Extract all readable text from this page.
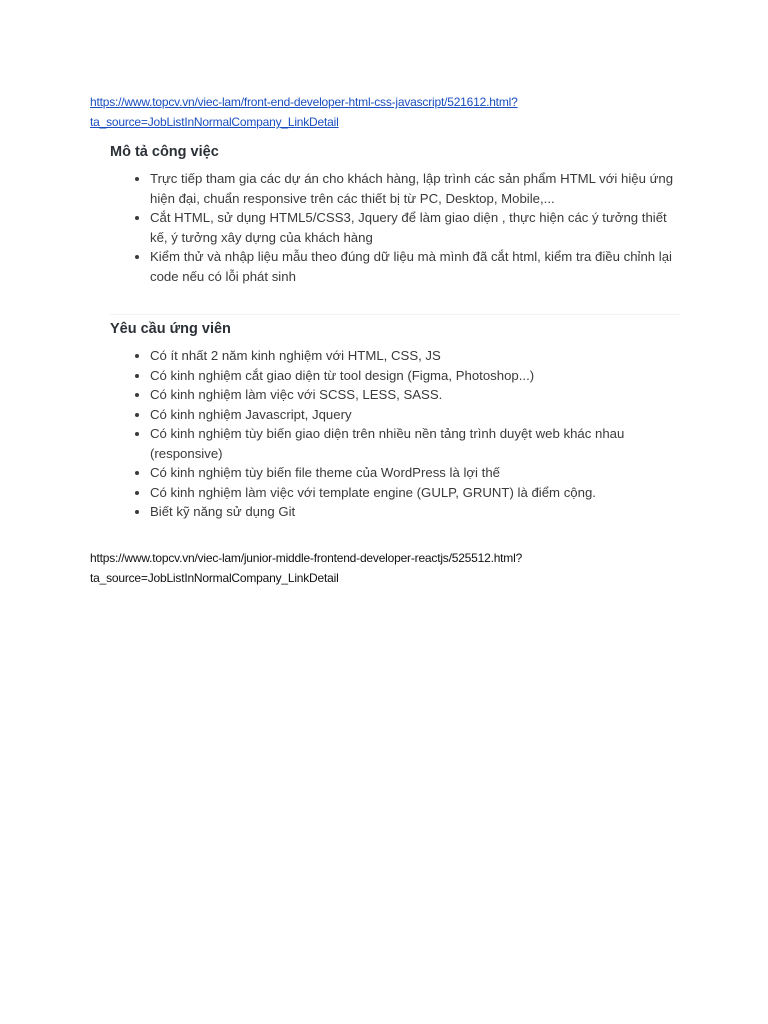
https://www.topcv.vn/viec-lam/front-end-developer-html-css-javascript/521612.html?
ta_source=JobListInNormalCompany_LinkDetail
Mô tả công việc
Trực tiếp tham gia các dự án cho khách hàng, lập trình các sản phẩm HTML với hiệu ứng hiện đại, chuẩn responsive trên các thiết bị từ PC, Desktop, Mobile,...
Cắt HTML, sử dụng HTML5/CSS3, Jquery để làm giao diện , thực hiện các ý tưởng thiết kế, ý tưởng xây dựng của khách hàng
Kiểm thử và nhập liệu mẫu theo đúng dữ liệu mà mình đã cắt html, kiểm tra điều chỉnh lại code nếu có lỗi phát sinh
Yêu cầu ứng viên
Có ít nhất 2 năm kinh nghiệm với HTML, CSS, JS
Có kinh nghiệm cắt giao diện từ tool design (Figma, Photoshop...)
Có kinh nghiệm làm việc với SCSS, LESS, SASS.
Có kinh nghiệm Javascript, Jquery
Có kinh nghiệm tùy biến giao diện trên nhiều nền tảng trình duyệt web khác nhau (responsive)
Có kinh nghiệm tùy biến file theme của WordPress là lợi thế
Có kinh nghiệm làm việc với template engine (GULP, GRUNT) là điểm cộng.
Biết kỹ năng sử dụng Git
https://www.topcv.vn/viec-lam/junior-middle-frontend-developer-reactjs/525512.html?
ta_source=JobListInNormalCompany_LinkDetail
